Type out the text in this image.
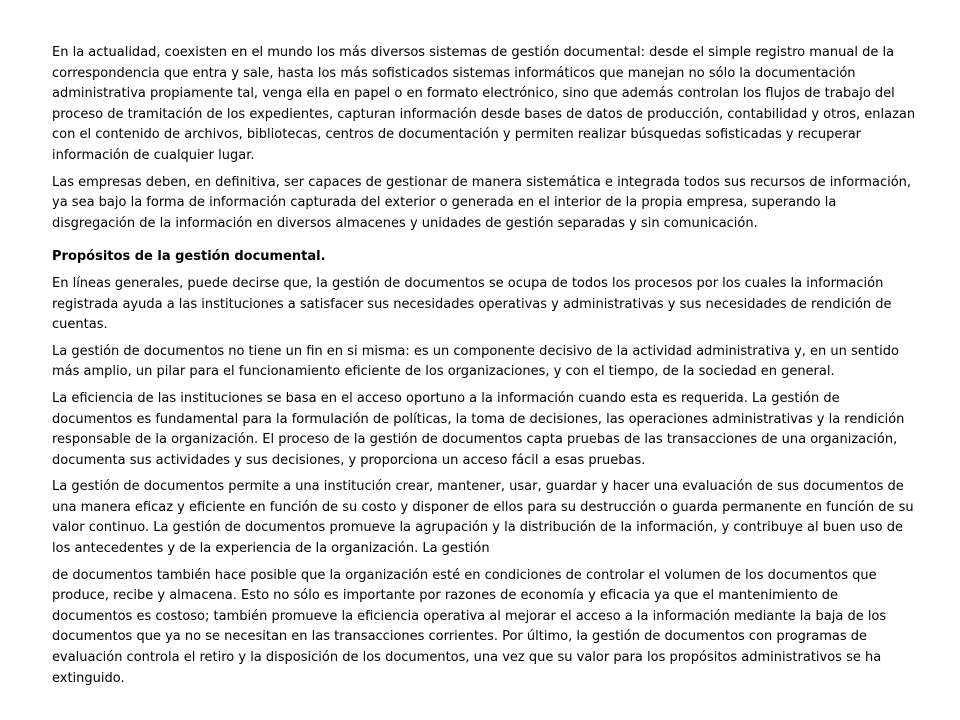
En la actualidad, coexisten en el mundo los más diversos sistemas de gestión documental: desde el simple registro manual de la correspondencia que entra y sale, hasta los más sofisticados sistemas informáticos que manejan no sólo la documentación administrativa propiamente tal, venga ella en papel o en formato electrónico, sino que además controlan los flujos de trabajo del proceso de tramitación de los expedientes, capturan información desde bases de datos de producción, contabilidad y otros, enlazan con el contenido de archivos, bibliotecas, centros de documentación y permiten realizar búsquedas sofisticadas y recuperar información de cualquier lugar.

Las empresas deben, en definitiva, ser capaces de gestionar de manera sistemática e integrada todos sus recursos de información, ya sea bajo la forma de información capturada del exterior o generada en el interior de la propia empresa, superando la disgregación de la información en diversos almacenes y unidades de gestión separadas y sin comunicación.

Propósitos de la gestión documental.

En líneas generales, puede decirse que, la gestión de documentos se ocupa de todos los procesos por los cuales la información registrada ayuda a las instituciones a satisfacer sus necesidades operativas y administrativas y sus necesidades de rendición de cuentas.

La gestión de documentos no tiene un fin en si misma: es un componente decisivo de la actividad administrativa y, en un sentido más amplio, un pilar para el funcionamiento eficiente de los organizaciones, y con el tiempo, de la sociedad en general.

La eficiencia de las instituciones se basa en el acceso oportuno a la información cuando esta es requerida. La gestión de documentos es fundamental para la formulación de políticas, la toma de decisiones, las operaciones administrativas y la rendición responsable de la organización. El proceso de la gestión de documentos capta pruebas de las transacciones de una organización, documenta sus actividades y sus decisiones, y proporciona un acceso fácil a esas pruebas.

La gestión de documentos permite a una institución crear, mantener, usar, guardar y hacer una evaluación de sus documentos de una manera eficaz y eficiente en función de su costo y disponer de ellos para su destrucción o guarda permanente en función de su valor continuo. La gestión de documentos promueve la agrupación y la distribución de la información, y contribuye al buen uso de los antecedentes y de la experiencia de la organización. La gestión

de documentos también hace posible que la organización esté en condiciones de controlar el volumen de los documentos que produce, recibe y almacena. Esto no sólo es importante por razones de economía y eficacia ya que el mantenimiento de documentos es costoso; también promueve la eficiencia operativa al mejorar el acceso a la información mediante la baja de los documentos que ya no se necesitan en las transacciones corrientes. Por último, la gestión de documentos con programas de evaluación controla el retiro y la disposición de los documentos, una vez que su valor para los propósitos administrativos se ha extinguido.
